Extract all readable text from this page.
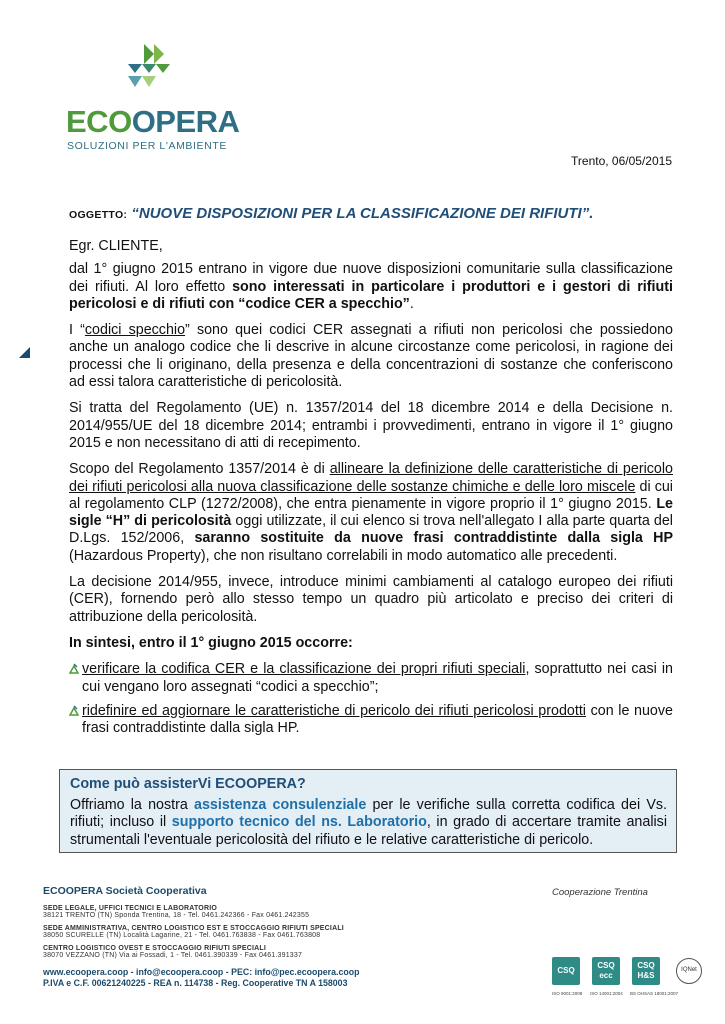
ECOOPERA
SOLUZIONI PER L'AMBIENTE
Trento, 06/05/2015
OGGETTO: “NUOVE DISPOSIZIONI PER LA CLASSIFICAZIONE DEI RIFIUTI”.

Egr. CLIENTE,

dal 1° giugno 2015 entrano in vigore due nuove disposizioni comunitarie sulla classificazione dei rifiuti. Al loro effetto sono interessati in particolare i produttori e i gestori di rifiuti pericolosi e di rifiuti con “codice CER a specchio”.

I “codici specchio” sono quei codici CER assegnati a rifiuti non pericolosi che possiedono anche un analogo codice che li descrive in alcune circostanze come pericolosi, in ragione dei processi che li originano, della presenza e della concentrazioni di sostanze che conferiscono ad essi talora caratteristiche di pericolosità.

Si tratta del Regolamento (UE) n. 1357/2014 del 18 dicembre 2014 e della Decisione n. 2014/955/UE del 18 dicembre 2014; entrambi i provvedimenti, entrano in vigore il 1° giugno 2015 e non necessitano di atti di recepimento.

Scopo del Regolamento 1357/2014 è di allineare la definizione delle caratteristiche di pericolo dei rifiuti pericolosi alla nuova classificazione delle sostanze chimiche e delle loro miscele di cui al regolamento CLP (1272/2008), che entra pienamente in vigore proprio il 1° giugno 2015. Le sigle “H” di pericolosità oggi utilizzate, il cui elenco si trova nell'allegato I alla parte quarta del D.Lgs. 152/2006, saranno sostituite da nuove frasi contraddistinte dalla sigla HP (Hazardous Property), che non risultano correlabili in modo automatico alle precedenti.

La decisione 2014/955, invece, introduce minimi cambiamenti al catalogo europeo dei rifiuti (CER), fornendo però allo stesso tempo un quadro più articolato e preciso dei criteri di attribuzione della pericolosità.

In sintesi, entro il 1° giugno 2015 occorre:

verificare la codifica CER e la classificazione dei propri rifiuti speciali, soprattutto nei casi in cui vengano loro assegnati “codici a specchio”;
ridefinire ed aggiornare le caratteristiche di pericolo dei rifiuti pericolosi prodotti con le nuove frasi contraddistinte dalla sigla HP.
Come può assisterVi ECOOPERA?

Offriamo la nostra assistenza consulenziale per le verifiche sulla corretta codifica dei Vs. rifiuti; incluso il supporto tecnico del ns. Laboratorio, in grado di accertare tramite analisi strumentali l'eventuale pericolosità del rifiuto e le relative caratteristiche di pericolo.

ECOOPERA Società Cooperativa
SEDE LEGALE, UFFICI TECNICI E LABORATORIO
38121 TRENTO (TN) Sponda Trentina, 18 - Tel. 0461.242366 - Fax 0461.242355
SEDE AMMINISTRATIVA, CENTRO LOGISTICO EST E STOCCAGGIO RIFIUTI SPECIALI
38050 SCURELLE (TN) Località Lagarine, 21 - Tel. 0461.763838 - Fax 0461.763808
CENTRO LOGISTICO OVEST E STOCCAGGIO RIFIUTI SPECIALI
38070 VEZZANO (TN) Via ai Fossadi, 1 - Tel. 0461.390339 - Fax 0461.391337
www.ecoopera.coop - info@ecoopera.coop - PEC: info@pec.ecoopera.coop
P.IVA e C.F. 00621240225 - REA n. 114738 - Reg. Cooperative TN A 158003
Cooperazione Trentina
CSQ
ISO 9001:2008
CSQ ecc
ISO 14001:2004
CSQ H&S
BS OHSAS 18001:2007
IQNet
